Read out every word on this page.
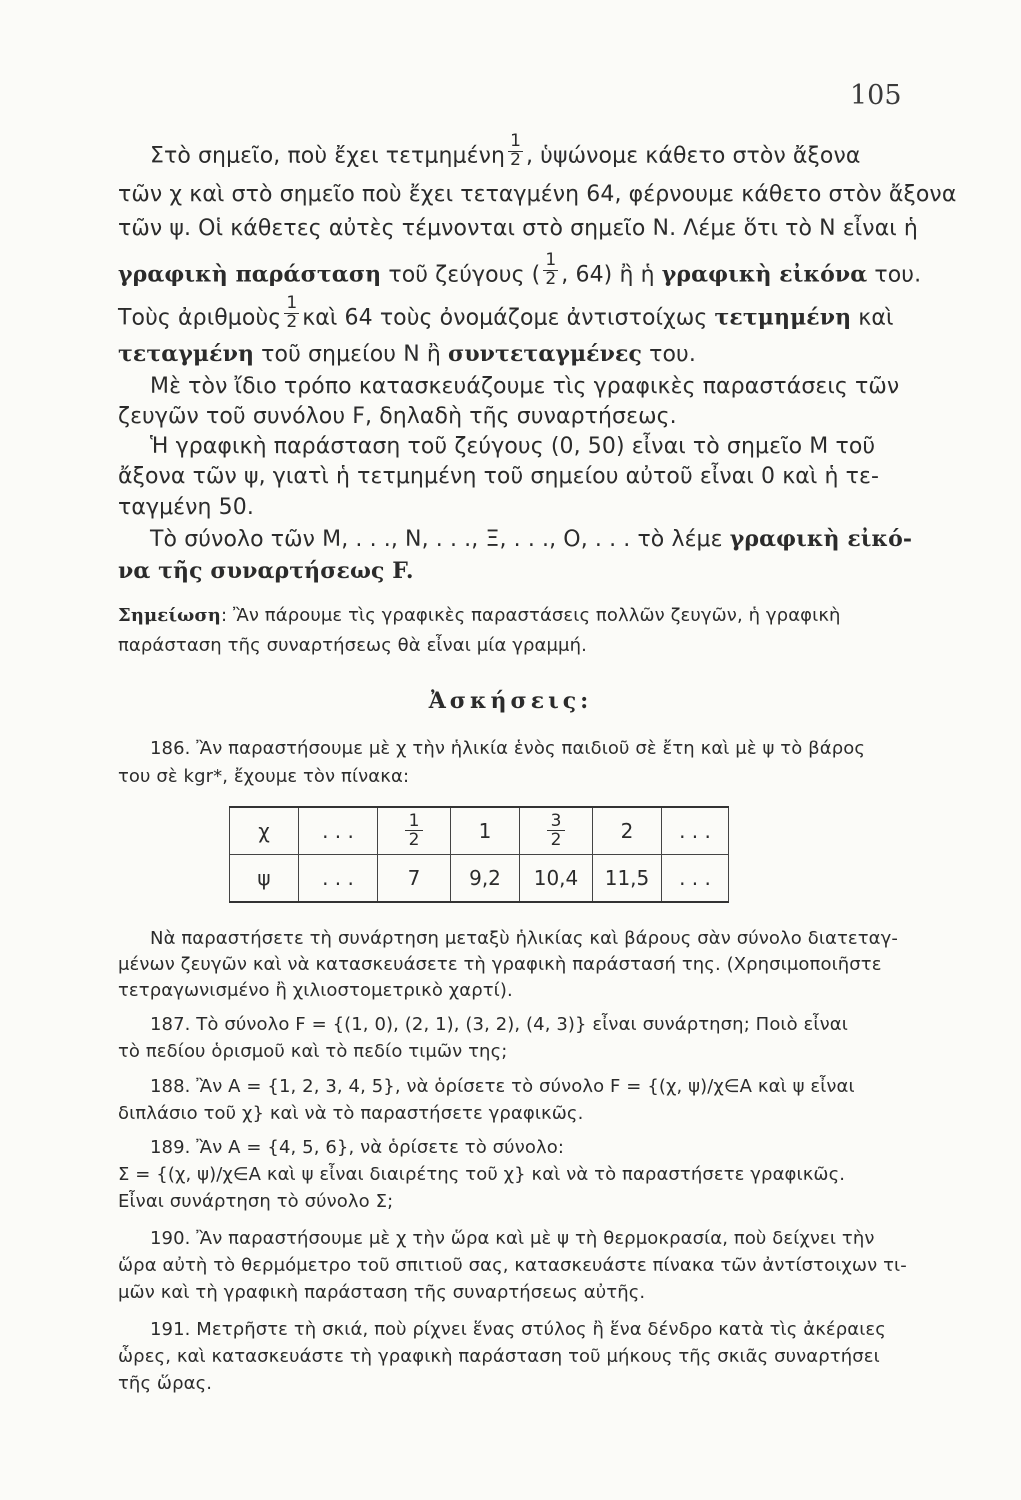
105
Στὸ σημεῖο, ποὺ ἔχει τετμημένη $\frac{1}{2}$ , ὑψώνομε κάθετο στὸν ἄξονα
τῶν χ καὶ στὸ σημεῖο ποὺ ἔχει τεταγμένη 64, φέρνουμε κάθετο στὸν ἄξονα
τῶν ψ. Οἱ κάθετες αὐτὲς τέμνονται στὸ σημεῖο Ν. Λέμε ὅτι τὸ Ν εἶναι ἡ
γραφικὴ παράσταση τοῦ ζεύγους ( $\frac{1}{2}$ , 64) ἢ ἡ γραφικὴ εἰκόνα του.
Τοὺς ἀριθμοὺς $\frac{1}{2}$ καὶ 64 τοὺς ὀνομάζομε ἀντιστοίχως τετμημένη καὶ
τεταγμένη τοῦ σημείου Ν ἢ συντεταγμένες του.
Μὲ τὸν ἴδιο τρόπο κατασκευάζουμε τὶς γραφικὲς παραστάσεις τῶν
ζευγῶν τοῦ συνόλου F, δηλαδὴ τῆς συναρτήσεως.
Ἡ γραφικὴ παράσταση τοῦ ζεύγους (0, 50) εἶναι τὸ σημεῖο Μ τοῦ
ἄξονα τῶν ψ, γιατὶ ἡ τετμημένη τοῦ σημείου αὐτοῦ εἶναι 0 καὶ ἡ τε-
ταγμένη 50.
Τὸ σύνολο τῶν Μ, . . ., Ν, . . ., Ξ, . . ., Ο, . . . τὸ λέμε γραφικὴ εἰκό-
να τῆς συναρτήσεως F.
Σημείωση: Ἂν πάρουμε τὶς γραφικὲς παραστάσεις πολλῶν ζευγῶν, ἡ γραφικὴ
παράσταση τῆς συναρτήσεως θὰ εἶναι μία γραμμή.
Ἀσκήσεις:
186. Ἂν παραστήσουμε μὲ χ τὴν ἡλικία ἑνὸς παιδιοῦ σὲ ἔτη καὶ μὲ ψ τὸ βάρος
του σὲ kgr*, ἔχουμε τὸν πίνακα:
χ	. . .	$\frac{1}{2}$	1	$\frac{3}{2}$	2	. . .
ψ	. . .	7	9,2	10,4	11,5	. . .
Νὰ παραστήσετε τὴ συνάρτηση μεταξὺ ἡλικίας καὶ βάρους σὰν σύνολο διατεταγ-
μένων ζευγῶν καὶ νὰ κατασκευάσετε τὴ γραφικὴ παράστασή της. (Χρησιμοποιῆστε
τετραγωνισμένο ἢ χιλιοστομετρικὸ χαρτί).
187. Τὸ σύνολο F = {(1, 0), (2, 1), (3, 2), (4, 3)} εἶναι συνάρτηση; Ποιὸ εἶναι
τὸ πεδίου ὁρισμοῦ καὶ τὸ πεδίο τιμῶν της;
188. Ἂν Α = {1, 2, 3, 4, 5}, νὰ ὁρίσετε τὸ σύνολο F = {(χ, ψ)/χ∈Α καὶ ψ εἶναι
διπλάσιο τοῦ χ} καὶ νὰ τὸ παραστήσετε γραφικῶς.
189. Ἂν Α = {4, 5, 6}, νὰ ὁρίσετε τὸ σύνολο:
Σ = {(χ, ψ)/χ∈Α καὶ ψ εἶναι διαιρέτης τοῦ χ} καὶ νὰ τὸ παραστήσετε γραφικῶς.
Εἶναι συνάρτηση τὸ σύνολο Σ;
190. Ἂν παραστήσουμε μὲ χ τὴν ὥρα καὶ μὲ ψ τὴ θερμοκρασία, ποὺ δείχνει τὴν
ὥρα αὐτὴ τὸ θερμόμετρο τοῦ σπιτιοῦ σας, κατασκευάστε πίνακα τῶν ἀντίστοιχων τι-
μῶν καὶ τὴ γραφικὴ παράσταση τῆς συναρτήσεως αὐτῆς.
191. Μετρῆστε τὴ σκιά, ποὺ ρίχνει ἕνας στύλος ἢ ἕνα δένδρο κατὰ τὶς ἀκέραιες
ὧρες, καὶ κατασκευάστε τὴ γραφικὴ παράσταση τοῦ μήκους τῆς σκιᾶς συναρτήσει
τῆς ὥρας.
